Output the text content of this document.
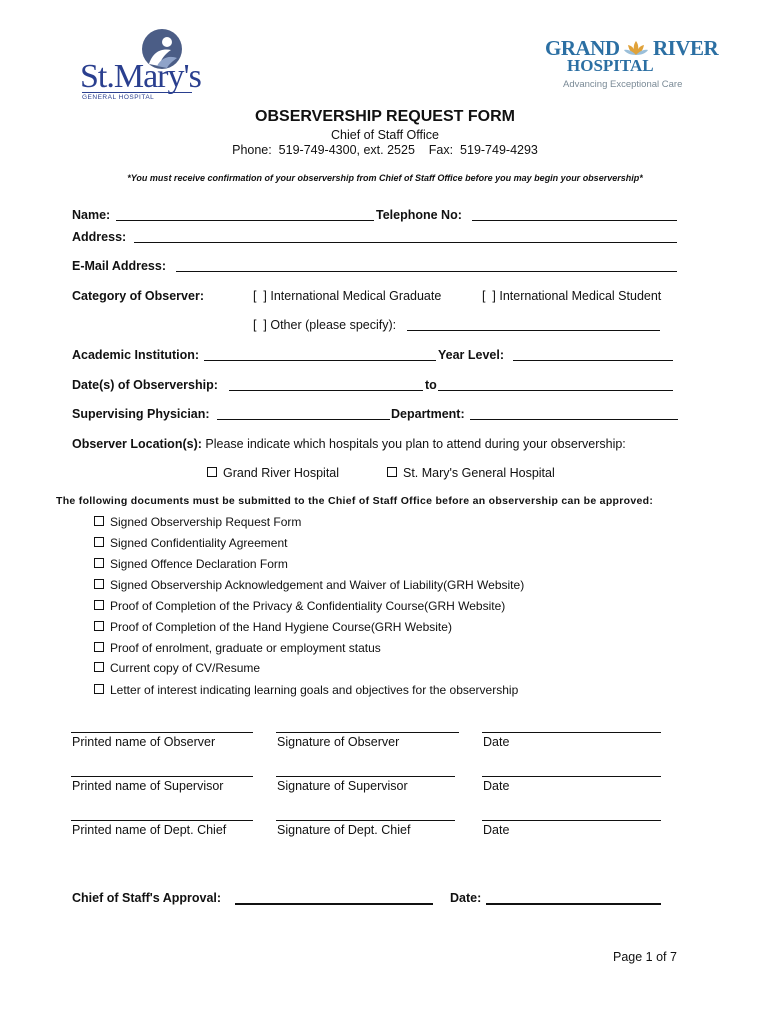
St.Mary's
GENERAL HOSPITAL
GRAND RIVER
HOSPITAL
Advancing Exceptional Care
OBSERVERSHIP REQUEST FORM
Chief of Staff Office
Phone:  519-749-4300, ext. 2525    Fax:  519-749-4293
*You must receive confirmation of your observership from Chief of Staff Office before you may begin your observership*
Name:	Telephone No:
Address:
E-Mail Address:
Category of Observer:	[  ] International Medical Graduate	[  ] International Medical Student
[  ] Other (please specify):
Academic Institution:	Year Level:
Date(s) of Observership:	to
Supervising Physician:	Department:
Observer Location(s): Please indicate which hospitals you plan to attend during your observership:
Grand River Hospital	St. Mary's General Hospital
The following documents must be submitted to the Chief of Staff Office before an observership can be approved:
Signed Observership Request Form
Signed Confidentiality Agreement
Signed Offence Declaration Form
Signed Observership Acknowledgement and Waiver of Liability(GRH Website)
Proof of Completion of the Privacy & Confidentiality Course(GRH Website)
Proof of Completion of the Hand Hygiene Course(GRH Website)
Proof of enrolment, graduate or employment status
Current copy of CV/Resume
Letter of interest indicating learning goals and objectives for the observership
Printed name of Observer	Signature of Observer	Date
Printed name of Supervisor	Signature of Supervisor	Date
Printed name of Dept. Chief	Signature of Dept. Chief	Date
Chief of Staff's Approval:	Date:
Page 1 of 7
